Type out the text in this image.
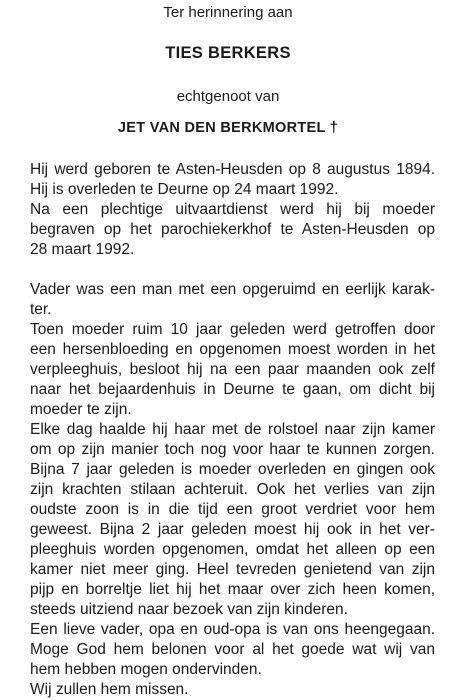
Ter herinnering aan
TIES BERKERS
echtgenoot van
JET VAN DEN BERKMORTEL †
Hij werd geboren te Asten-Heusden op 8 augustus 1894.
Hij is overleden te Deurne op 24 maart 1992.
Na een plechtige uitvaartdienst werd hij bij moeder
begraven op het parochiekerkhof te Asten-Heusden op
28 maart 1992.
Vader was een man met een opgeruimd en eerlijk karak-
ter.
Toen moeder ruim 10 jaar geleden werd getroffen door
een hersenbloeding en opgenomen moest worden in het
verpleeghuis, besloot hij na een paar maanden ook zelf
naar het bejaardenhuis in Deurne te gaan, om dicht bij
moeder te zijn.
Elke dag haalde hij haar met de rolstoel naar zijn kamer
om op zijn manier toch nog voor haar te kunnen zorgen.
Bijna 7 jaar geleden is moeder overleden en gingen ook
zijn krachten stilaan achteruit. Ook het verlies van zijn
oudste zoon is in die tijd een groot verdriet voor hem
geweest. Bijna 2 jaar geleden moest hij ook in het ver-
pleeghuis worden opgenomen, omdat het alleen op een
kamer niet meer ging. Heel tevreden genietend van zijn
pijp en borreltje liet hij het maar over zich heen komen,
steeds uitziend naar bezoek van zijn kinderen.
Een lieve vader, opa en oud-opa is van ons heengegaan.
Moge God hem belonen voor al het goede wat wij van
hem hebben mogen ondervinden.
Wij zullen hem missen.
